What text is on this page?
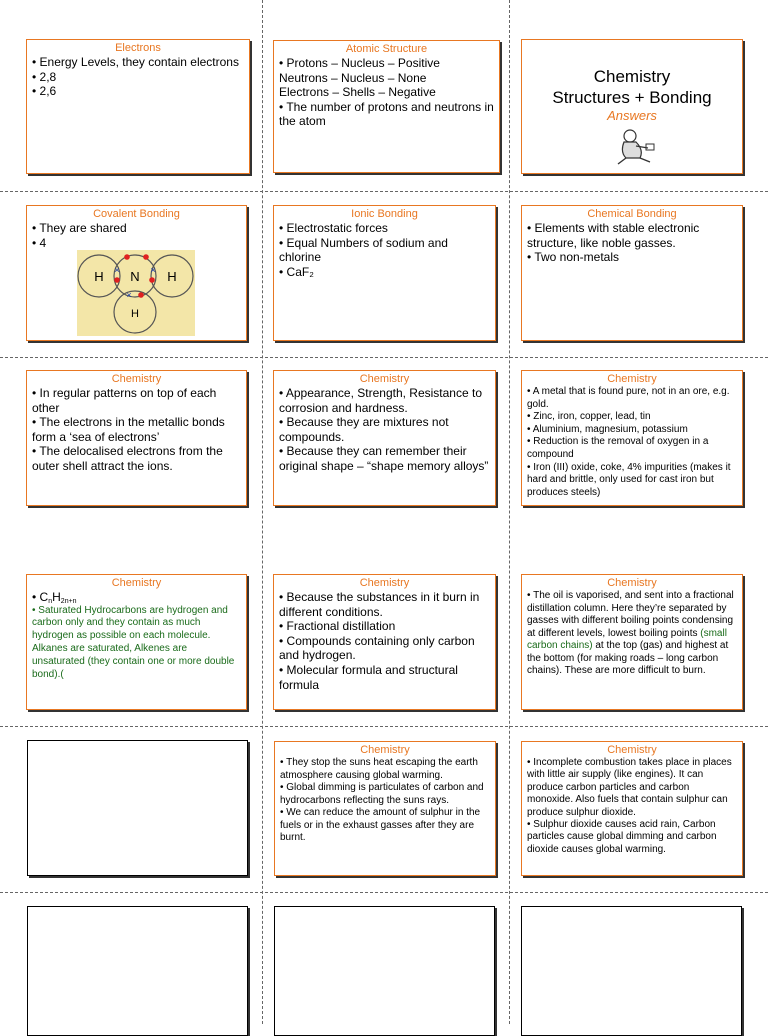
Electrons
• Energy Levels, they contain electrons
• 2,8
• 2,6
Atomic Structure
• Protons – Nucleus – Positive
Neutrons – Nucleus – None
Electrons – Shells – Negative
• The number of protons and neutrons in the atom
Chemistry
Structures + Bonding
Answers
Covalent Bonding
• They are shared
• 4
H N H
H
×	×
×
Ionic Bonding
• Electrostatic forces
• Equal Numbers of sodium and chlorine
• CaF₂
Chemical Bonding
• Elements with stable electronic structure, like noble gasses.
• Two non-metals
Chemistry
• In regular patterns on top of each other
• The electrons in the metallic bonds form a ‘sea of electrons’
• The delocalised electrons from the outer shell attract the ions.
Chemistry
• Appearance, Strength, Resistance to corrosion and hardness.
• Because they are mixtures not compounds.
• Because they can remember their original shape – “shape memory alloys”
Chemistry
• A metal that is found pure, not in an ore, e.g. gold.
• Zinc, iron, copper, lead, tin
• Aluminium, magnesium, potassium
• Reduction is the removal of oxygen in a compound
• Iron (III) oxide, coke, 4% impurities (makes it hard and brittle, only used for cast iron but produces steels)
Chemistry
• $C_nH_{2n+n}$
• Saturated Hydrocarbons are hydrogen and carbon only and they contain as much hydrogen as possible on each molecule. Alkanes are saturated, Alkenes are unsaturated (they contain one or more double bond).(
Chemistry
• Because the substances in it burn in different conditions.
• Fractional distillation
• Compounds containing only carbon and hydrogen.
• Molecular formula and structural formula
Chemistry
• The oil is vaporised, and sent into a fractional distillation column. Here they’re separated by gasses with different boiling points condensing at different levels, lowest boiling points (small carbon chains) at the top (gas) and highest at the bottom (for making roads – long carbon chains). These are more difficult to burn.
Chemistry
• They stop the suns heat escaping the earth atmosphere causing global warming.
• Global dimming is particulates of carbon and hydrocarbons reflecting the suns rays.
• We can reduce the amount of sulphur in the fuels or in the exhaust gasses after they are burnt.
Chemistry
• Incomplete combustion takes place in places with little air supply (like engines). It can produce carbon particles and carbon monoxide. Also fuels that contain sulphur can produce sulphur dioxide.
• Sulphur dioxide causes acid rain, Carbon particles cause global dimming and carbon dioxide causes global warming.
